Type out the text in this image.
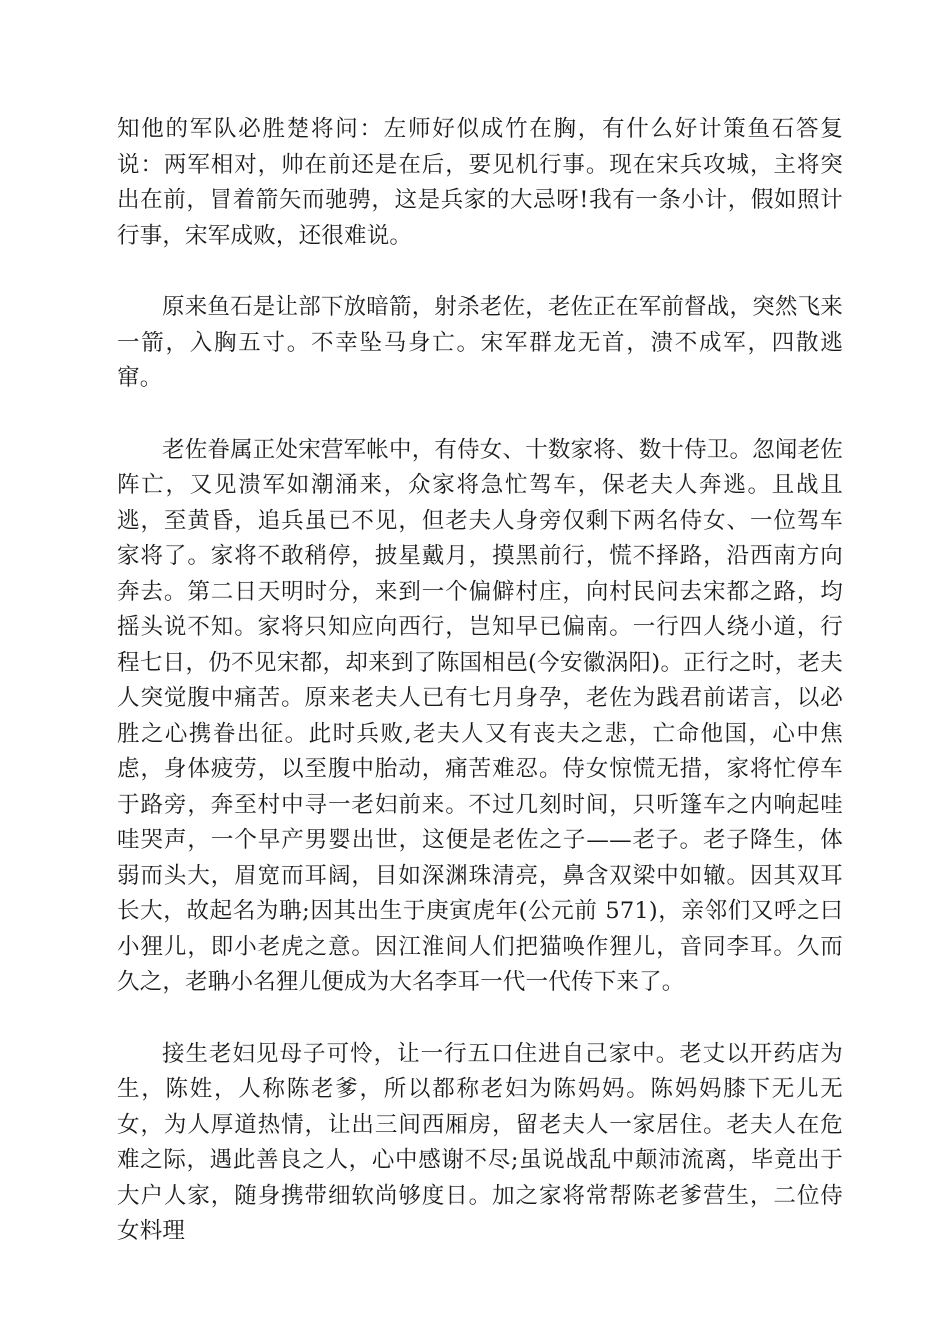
知他的军队必胜楚将问：左师好似成竹在胸，有什么好计策鱼石答复说：两军相对，帅在前还是在后，要见机行事。现在宋兵攻城，主将突出在前，冒着箭矢而驰骋，这是兵家的大忌呀!我有一条小计，假如照计行事，宋军成败，还很难说。

原来鱼石是让部下放暗箭，射杀老佐，老佐正在军前督战，突然飞来一箭，入胸五寸。不幸坠马身亡。宋军群龙无首，溃不成军，四散逃窜。

老佐眷属正处宋营军帐中，有侍女、十数家将、数十侍卫。忽闻老佐阵亡，又见溃军如潮涌来，众家将急忙驾车，保老夫人奔逃。且战且逃，至黄昏，追兵虽已不见，但老夫人身旁仅剩下两名侍女、一位驾车家将了。家将不敢稍停，披星戴月，摸黑前行，慌不择路，沿西南方向奔去。第二日天明时分，来到一个偏僻村庄，向村民问去宋都之路，均摇头说不知。家将只知应向西行，岂知早已偏南。一行四人绕小道，行程七日，仍不见宋都，却来到了陈国相邑(今安徽涡阳)。正行之时，老夫人突觉腹中痛苦。原来老夫人已有七月身孕，老佐为践君前诺言，以必胜之心携眷出征。此时兵败,老夫人又有丧夫之悲，亡命他国，心中焦虑，身体疲劳，以至腹中胎动，痛苦难忍。侍女惊慌无措，家将忙停车于路旁，奔至村中寻一老妇前来。不过几刻时间，只听篷车之内响起哇哇哭声，一个早产男婴出世，这便是老佐之子——老子。老子降生，体弱而头大，眉宽而耳阔，目如深渊珠清亮，鼻含双梁中如辙。因其双耳长大，故起名为聃;因其出生于庚寅虎年(公元前 571)，亲邻们又呼之曰小狸儿，即小老虎之意。因江淮间人们把猫唤作狸儿，音同李耳。久而久之，老聃小名狸儿便成为大名李耳一代一代传下来了。

接生老妇见母子可怜，让一行五口住进自己家中。老丈以开药店为生，陈姓，人称陈老爹，所以都称老妇为陈妈妈。陈妈妈膝下无儿无女，为人厚道热情，让出三间西厢房，留老夫人一家居住。老夫人在危难之际，遇此善良之人，心中感谢不尽;虽说战乱中颠沛流离，毕竟出于大户人家，随身携带细软尚够度日。加之家将常帮陈老爹营生，二位侍女料理
